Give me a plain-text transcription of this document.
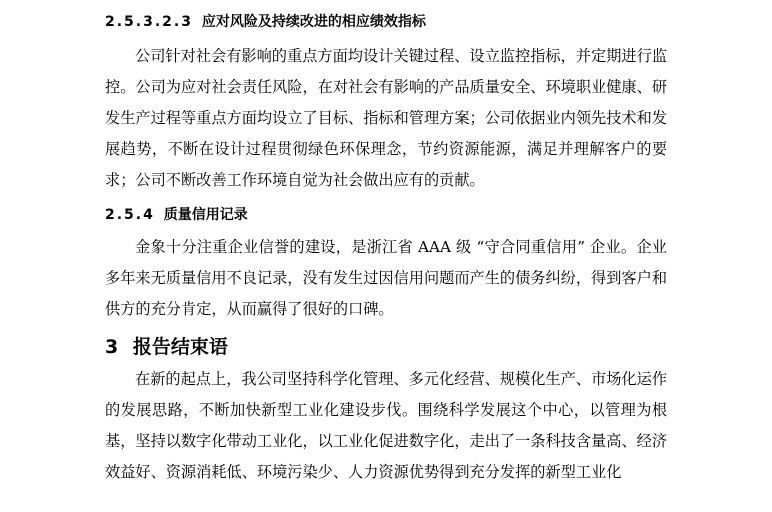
2.5.3.2.3 应对风险及持续改进的相应绩效指标

公司针对社会有影响的重点方面均设计关键过程、设立监控指标，并定期进行监控。公司为应对社会责任风险，在对社会有影响的产品质量安全、环境职业健康、研发生产过程等重点方面均设立了目标、指标和管理方案；公司依据业内领先技术和发展趋势，不断在设计过程贯彻绿色环保理念，节约资源能源，满足并理解客户的要求；公司不断改善工作环境自觉为社会做出应有的贡献。

2.5.4 质量信用记录

金象十分注重企业信誉的建设，是浙江省 AAA 级 “守合同重信用” 企业。企业多年来无质量信用不良记录，没有发生过因信用问题而产生的债务纠纷，得到客户和供方的充分肯定，从而赢得了很好的口碑。

3 报告结束语

在新的起点上，我公司坚持科学化管理、多元化经营、规模化生产、市场化运作的发展思路，不断加快新型工业化建设步伐。围绕科学发展这个中心，以管理为根基，坚持以数字化带动工业化，以工业化促进数字化，走出了一条科技含量高、经济效益好、资源消耗低、环境污染少、人力资源优势得到充分发挥的新型工业化
